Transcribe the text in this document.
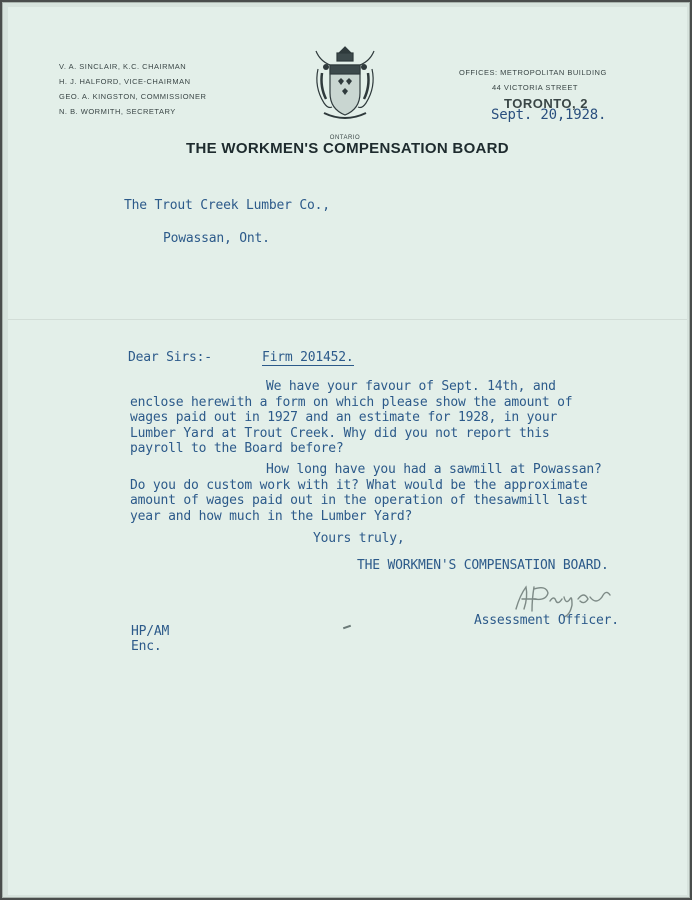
V. A. SINCLAIR, K.C. CHAIRMAN
H. J. HALFORD, VICE-CHAIRMAN
GEO. A. KINGSTON, COMMISSIONER
N. B. WORMITH, SECRETARY
ONTARIO
OFFICES: METROPOLITAN BUILDING
44 VICTORIA STREET
TORONTO, 2
Sept. 20,1928.
THE WORKMEN'S COMPENSATION BOARD
The Trout Creek Lumber Co.,
Powassan, Ont.
Dear Sirs:-	Firm 201452.
We have your favour of Sept. 14th, and
enclose herewith a form on which please show the amount of
wages paid out in 1927 and an estimate for 1928, in your
Lumber Yard at Trout Creek. Why did you not report this
payroll to the Board before?
How long have you had a sawmill at Powassan?
Do you do custom work with it? What would be the approximate
amount of wages paid out in the operation of thesawmill last
year and how much in the Lumber Yard?
Yours truly,
THE WORKMEN'S COMPENSATION BOARD.
Assessment Officer.
HP/AM
Enc.
